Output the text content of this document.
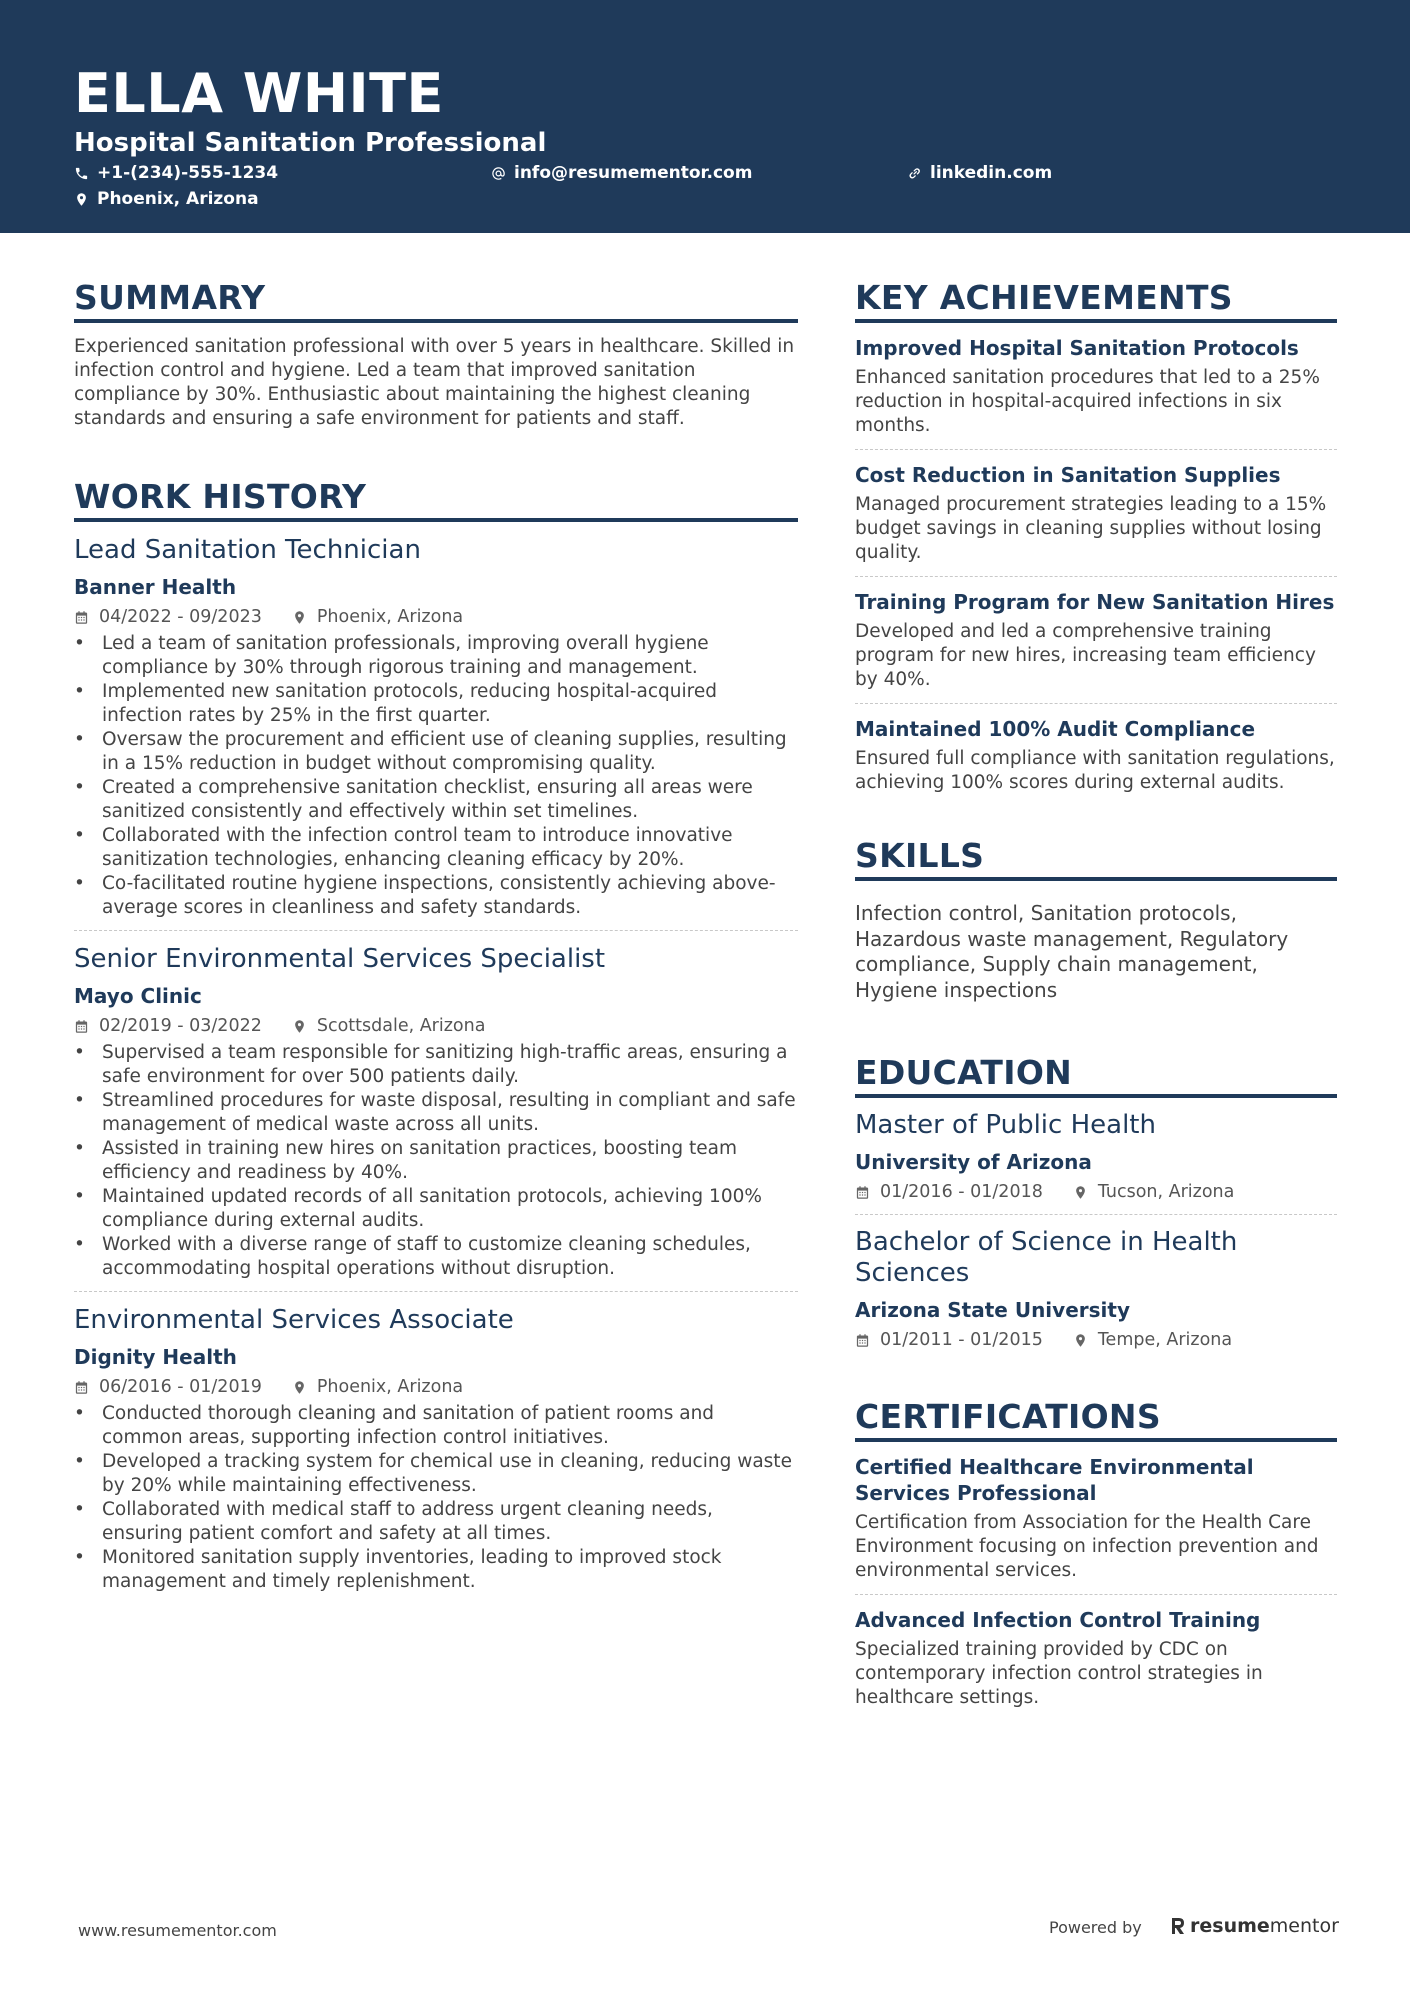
ELLA WHITE
Hospital Sanitation Professional
+1-(234)-555-1234	info@resumementor.com	linkedin.com
Phoenix, Arizona
SUMMARY
Experienced sanitation professional with over 5 years in healthcare. Skilled in infection control and hygiene. Led a team that improved sanitation compliance by 30%. Enthusiastic about maintaining the highest cleaning standards and ensuring a safe environment for patients and staff.
WORK HISTORY
Lead Sanitation Technician
Banner Health
04/2022 - 09/2023	Phoenix, Arizona
• Led a team of sanitation professionals, improving overall hygiene compliance by 30% through rigorous training and management.
• Implemented new sanitation protocols, reducing hospital-acquired infection rates by 25% in the first quarter.
• Oversaw the procurement and efficient use of cleaning supplies, resulting in a 15% reduction in budget without compromising quality.
• Created a comprehensive sanitation checklist, ensuring all areas were sanitized consistently and effectively within set timelines.
• Collaborated with the infection control team to introduce innovative sanitization technologies, enhancing cleaning efficacy by 20%.
• Co-facilitated routine hygiene inspections, consistently achieving above-average scores in cleanliness and safety standards.
Senior Environmental Services Specialist
Mayo Clinic
02/2019 - 03/2022	Scottsdale, Arizona
• Supervised a team responsible for sanitizing high-traffic areas, ensuring a safe environment for over 500 patients daily.
• Streamlined procedures for waste disposal, resulting in compliant and safe management of medical waste across all units.
• Assisted in training new hires on sanitation practices, boosting team efficiency and readiness by 40%.
• Maintained updated records of all sanitation protocols, achieving 100% compliance during external audits.
• Worked with a diverse range of staff to customize cleaning schedules, accommodating hospital operations without disruption.
Environmental Services Associate
Dignity Health
06/2016 - 01/2019	Phoenix, Arizona
• Conducted thorough cleaning and sanitation of patient rooms and common areas, supporting infection control initiatives.
• Developed a tracking system for chemical use in cleaning, reducing waste by 20% while maintaining effectiveness.
• Collaborated with medical staff to address urgent cleaning needs, ensuring patient comfort and safety at all times.
• Monitored sanitation supply inventories, leading to improved stock management and timely replenishment.
KEY ACHIEVEMENTS
Improved Hospital Sanitation Protocols
Enhanced sanitation procedures that led to a 25% reduction in hospital-acquired infections in six months.
Cost Reduction in Sanitation Supplies
Managed procurement strategies leading to a 15% budget savings in cleaning supplies without losing quality.
Training Program for New Sanitation Hires
Developed and led a comprehensive training program for new hires, increasing team efficiency by 40%.
Maintained 100% Audit Compliance
Ensured full compliance with sanitation regulations, achieving 100% scores during external audits.
SKILLS
Infection control, Sanitation protocols, Hazardous waste management, Regulatory compliance, Supply chain management, Hygiene inspections
EDUCATION
Master of Public Health
University of Arizona
01/2016 - 01/2018	Tucson, Arizona
Bachelor of Science in Health Sciences
Arizona State University
01/2011 - 01/2015	Tempe, Arizona
CERTIFICATIONS
Certified Healthcare Environmental Services Professional
Certification from Association for the Health Care Environment focusing on infection prevention and environmental services.
Advanced Infection Control Training
Specialized training provided by CDC on contemporary infection control strategies in healthcare settings.
www.resumementor.com	Powered by	resume mentor
